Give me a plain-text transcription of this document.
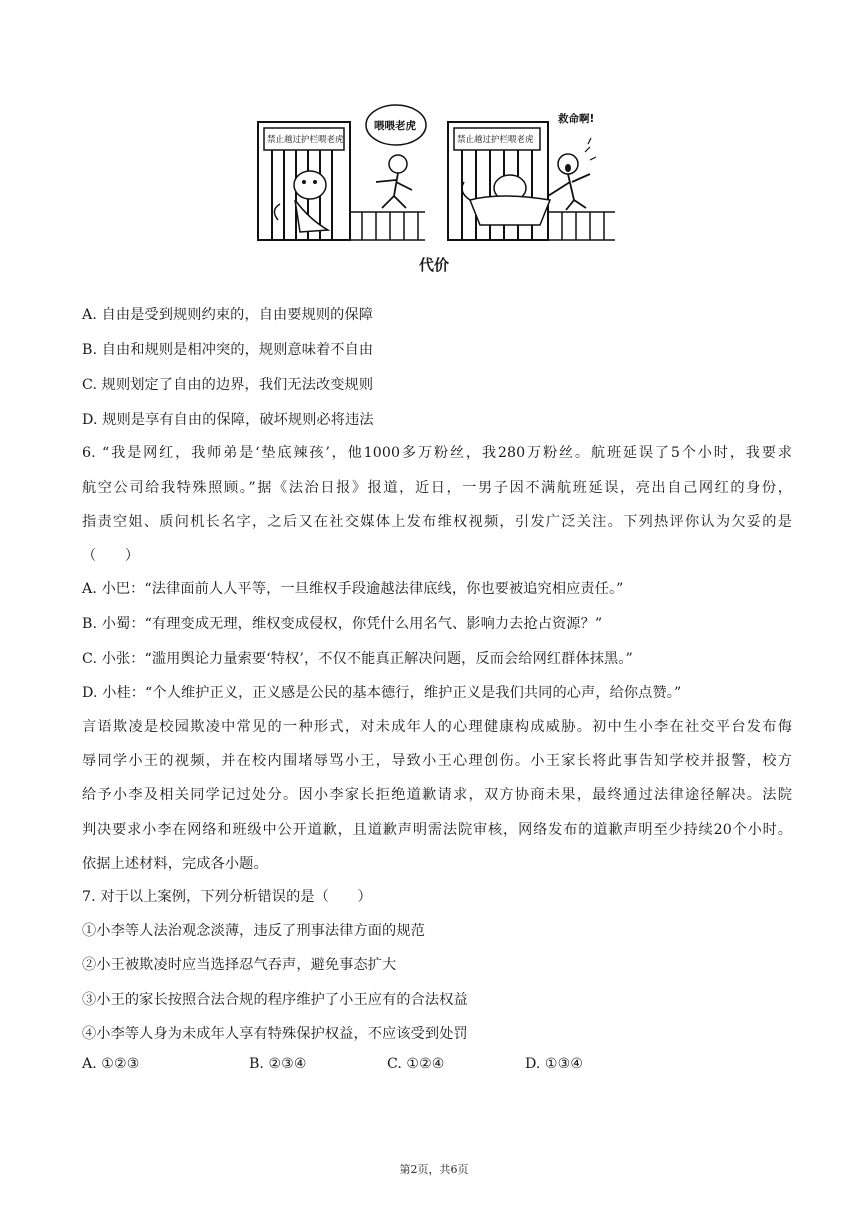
禁止越过护栏喂老虎
喂喂老虎
禁止越过护栏喂老虎
救命啊!
代价
A. 自由是受到规则约束的，自由要规则的保障
B. 自由和规则是相冲突的，规则意味着不自由
C. 规则划定了自由的边界，我们无法改变规则
D. 规则是享有自由的保障，破坏规则必将违法
6. “我是网红，我师弟是‘垫底辣孩’，他1000多万粉丝，我280万粉丝。航班延误了5个小时，我要求
航空公司给我特殊照顾。”据《法治日报》报道，近日，一男子因不满航班延误，亮出自己网红的身份，
指责空姐、质问机长名字，之后又在社交媒体上发布维权视频，引发广泛关注。下列热评你认为欠妥的是
（　　）
A. 小巴：“法律面前人人平等，一旦维权手段逾越法律底线，你也要被追究相应责任。”
B. 小蜀：“有理变成无理，维权变成侵权，你凭什么用名气、影响力去抢占资源？”
C. 小张：“滥用舆论力量索要‘特权’，不仅不能真正解决问题，反而会给网红群体抹黑。”
D. 小桂：“个人维护正义，正义感是公民的基本德行，维护正义是我们共同的心声，给你点赞。”
言语欺凌是校园欺凌中常见的一种形式，对未成年人的心理健康构成威胁。初中生小李在社交平台发布侮
辱同学小王的视频，并在校内围堵辱骂小王，导致小王心理创伤。小王家长将此事告知学校并报警，校方
给予小李及相关同学记过处分。因小李家长拒绝道歉请求，双方协商未果，最终通过法律途径解决。法院
判决要求小李在网络和班级中公开道歉，且道歉声明需法院审核，网络发布的道歉声明至少持续20个小时。
依据上述材料，完成各小题。
7. 对于以上案例，下列分析错误的是（　　）
①小李等人法治观念淡薄，违反了刑事法律方面的规范
②小王被欺凌时应当选择忍气吞声，避免事态扩大
③小王的家长按照合法合规的程序维护了小王应有的合法权益
④小李等人身为未成年人享有特殊保护权益，不应该受到处罚
A. ①②③	B. ②③④	C. ①②④	D. ①③④
第2页，共6页
